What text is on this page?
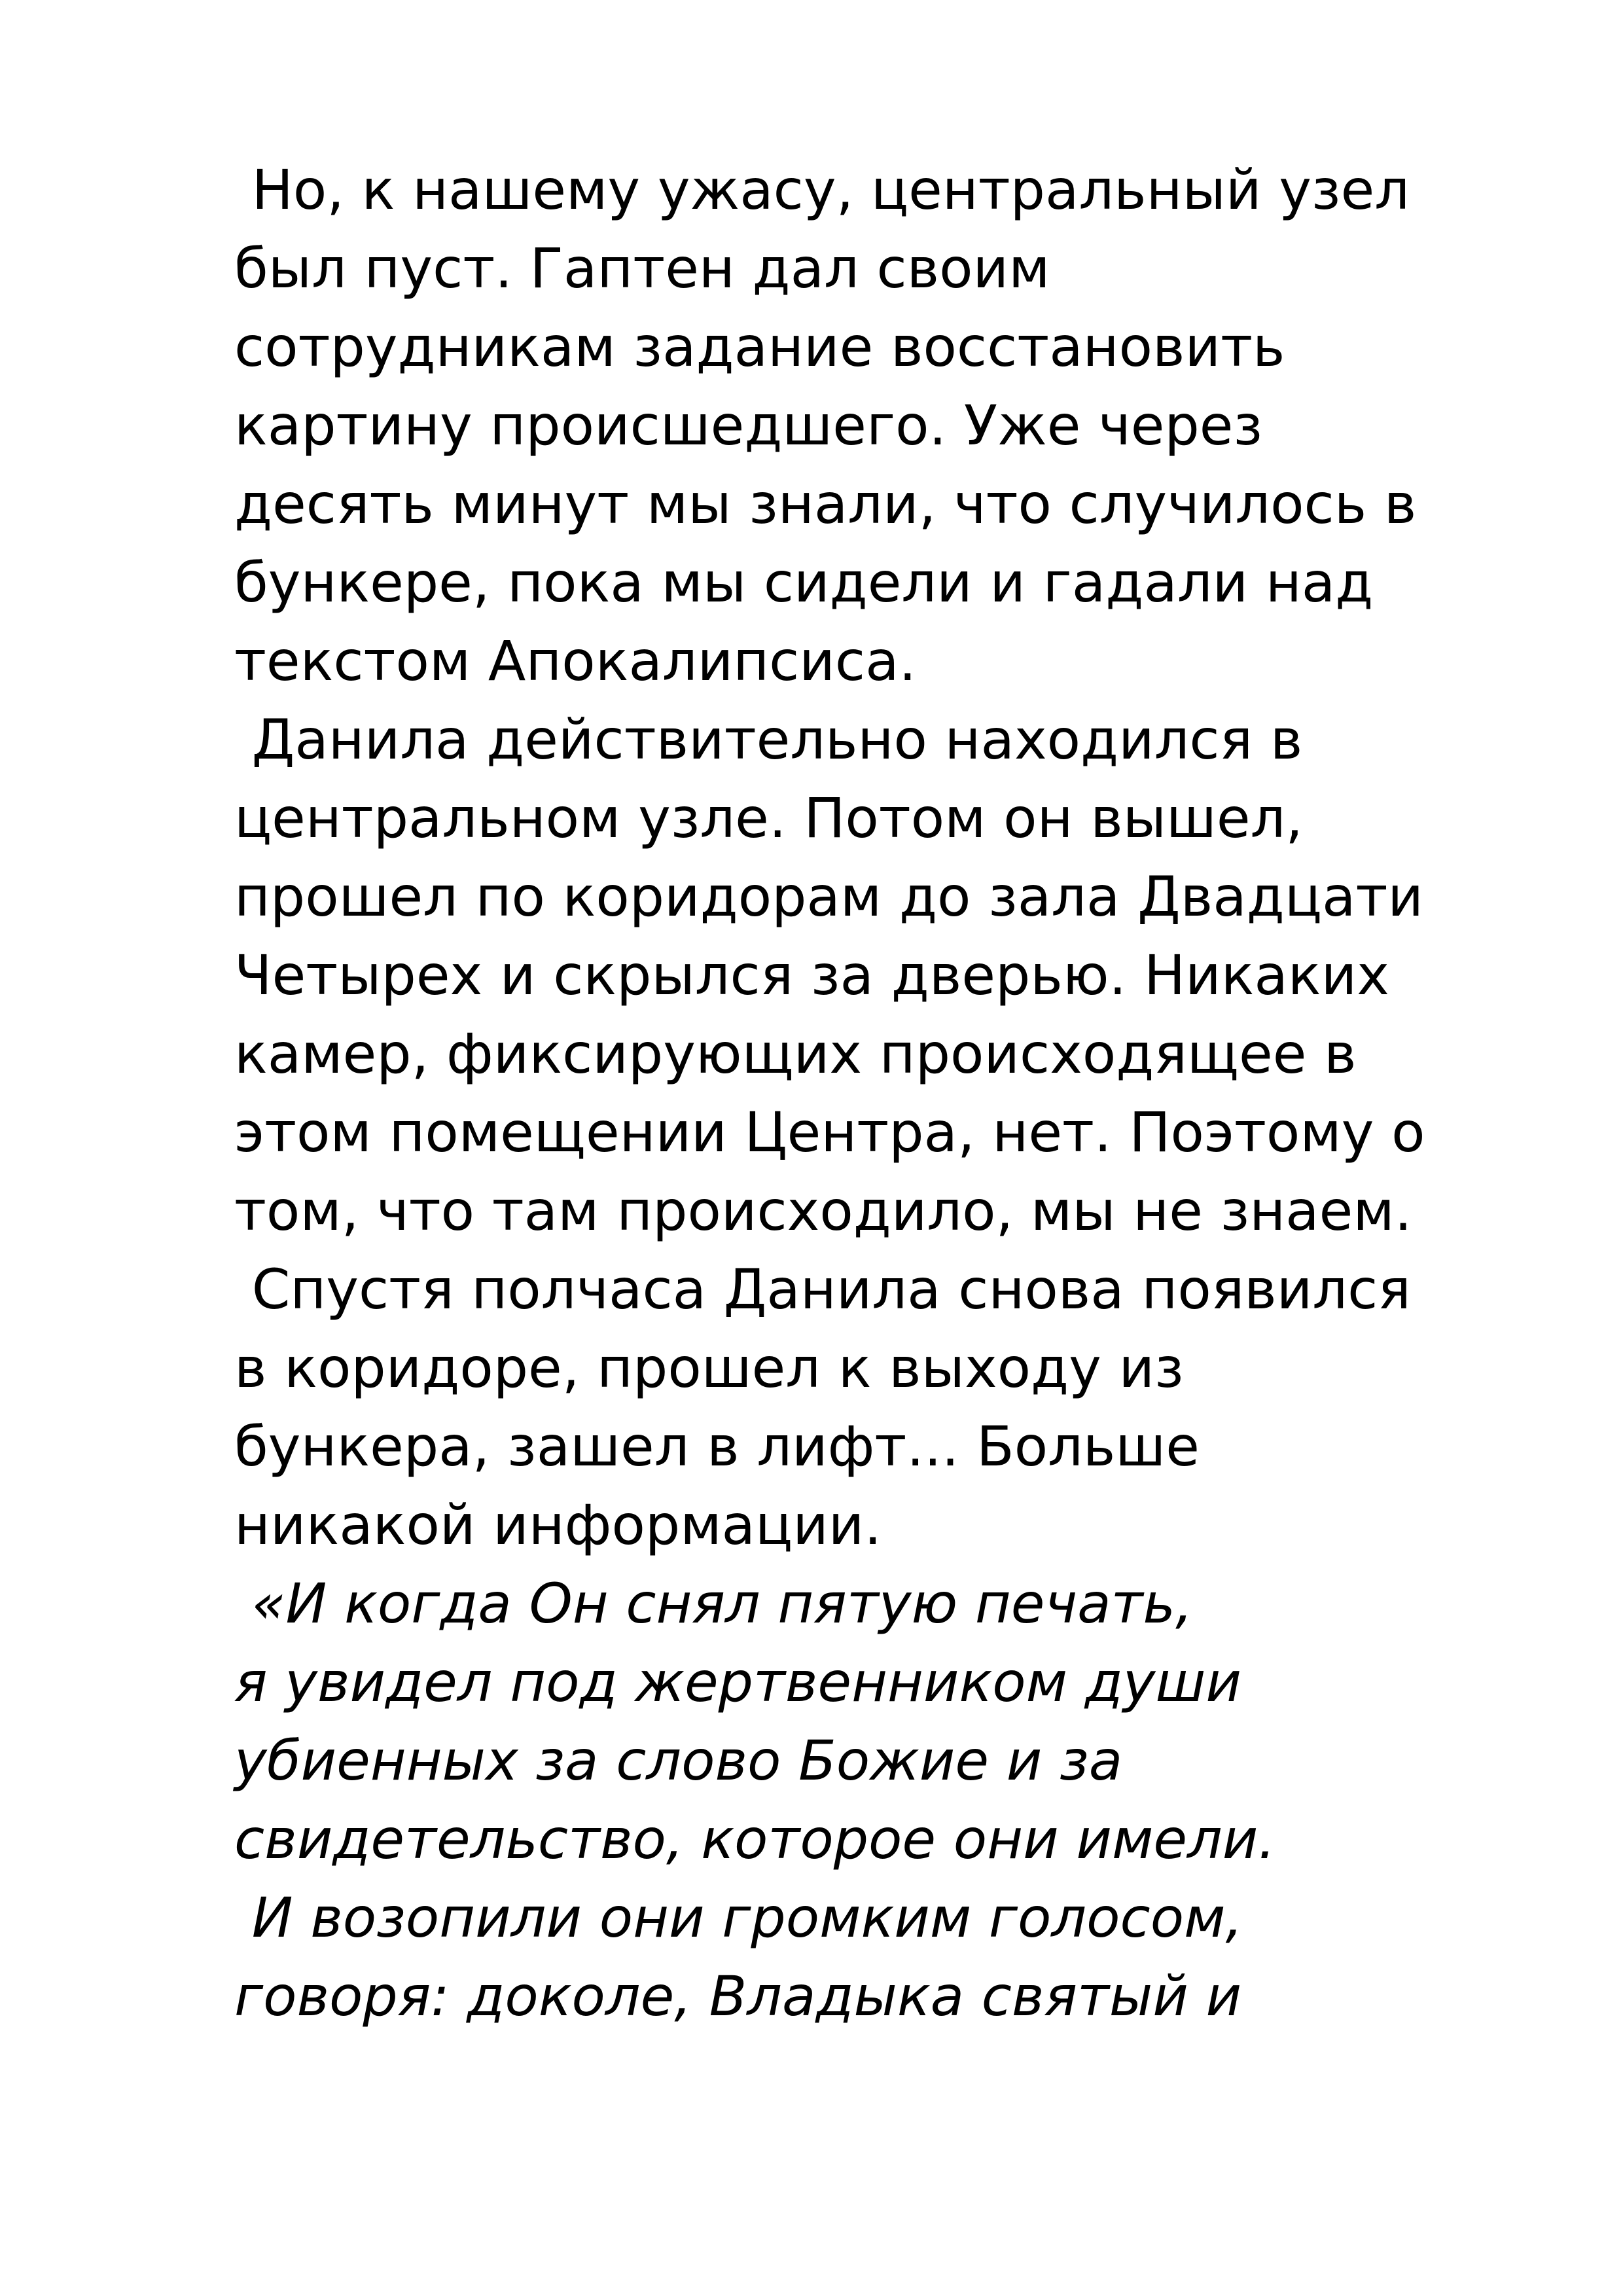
Но, к нашему ужасу, центральный узел
был пуст. Гаптен дал своим
сотрудникам задание восстановить
картину происшедшего. Уже через
десять минут мы знали, что случилось в
бункере, пока мы сидели и гадали над
текстом Апокалипсиса.

Данила действительно находился в
центральном узле. Потом он вышел,
прошел по коридорам до зала Двадцати
Четырех и скрылся за дверью. Никаких
камер, фиксирующих происходящее в
этом помещении Центра, нет. Поэтому о
том, что там происходило, мы не знаем.

Спустя полчаса Данила снова появился
в коридоре, прошел к выходу из
бункера, зашел в лифт... Больше
никакой информации.

«И когда Он снял пятую печать,
я увидел под жертвенником души
убиенных за слово Божие и за
свидетельство, которое они имели.

И возопили они громким голосом,
говоря: доколе, Владыка святый и
